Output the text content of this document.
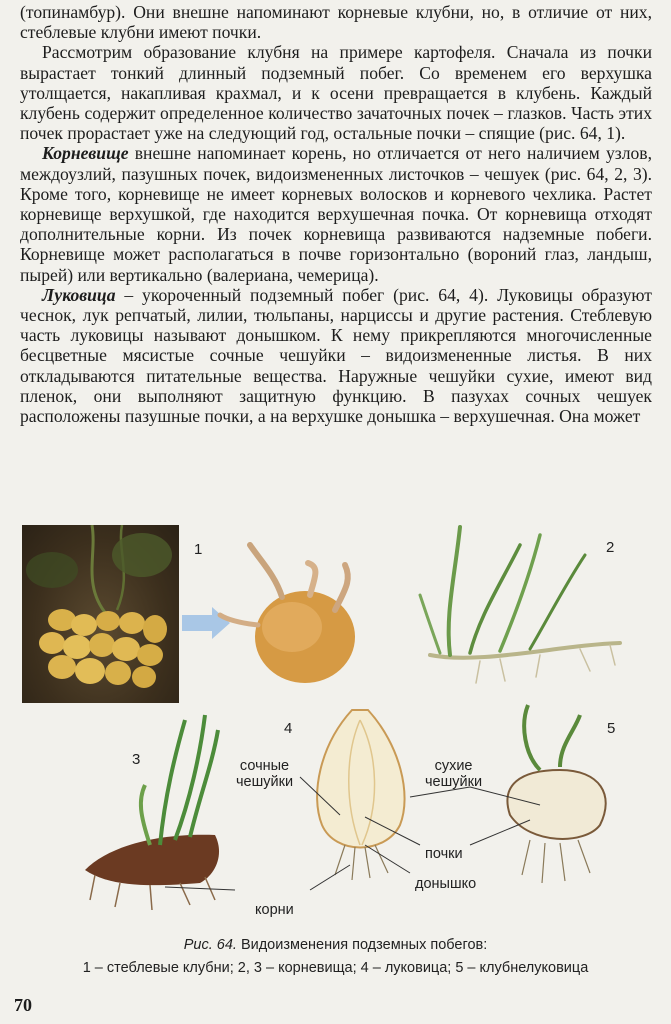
(топинамбур). Они внешне напоминают корневые клубни, но, в отличие от них, стеблевые клубни имеют почки.

Рассмотрим образование клубня на примере картофеля. Сначала из почки вырастает тонкий длинный подземный побег. Со временем его верхушка утолщается, накапливая крахмал, и к осени превращается в клубень. Каждый клубень содержит определенное количество зачаточных почек – глазков. Часть этих почек прорастает уже на следующий год, остальные почки – спящие (рис. 64, 1).

Корневище внешне напоминает корень, но отличается от него наличием узлов, междоузлий, пазушных почек, видоизмененных листочков – чешуек (рис. 64, 2, 3). Кроме того, корневище не имеет корневых волосков и корневого чехлика. Растет корневище верхушкой, где находится верхушечная почка. От корневища отходят дополнительные корни. Из почек корневища развиваются надземные побеги. Корневище может располагаться в почве горизонтально (вороний глаз, ландыш, пырей) или вертикально (валериана, чемерица).

Луковица – укороченный подземный побег (рис. 64, 4). Луковицы образуют чеснок, лук репчатый, лилии, тюльпаны, нарциссы и другие растения. Стеблевую часть луковицы называют донышком. К нему прикрепляются многочисленные бесцветные мясистые сочные чешуйки – видоизмененные листья. В них откладываются питательные вещества. Наружные чешуйки сухие, имеют вид пленок, они выполняют защитную функцию. В пазухах сочных чешуек расположены пазушные почки, а на верхушке донышка – верхушечная. Она может

1	2
3
4	5
сочные
чешуйки
сухие
чешуйки
почки
донышко
корни
Рис. 64. Видоизменения подземных побегов:
1 – стеблевые клубни; 2, 3 – корневища; 4 – луковица; 5 – клубнелуковица
70
